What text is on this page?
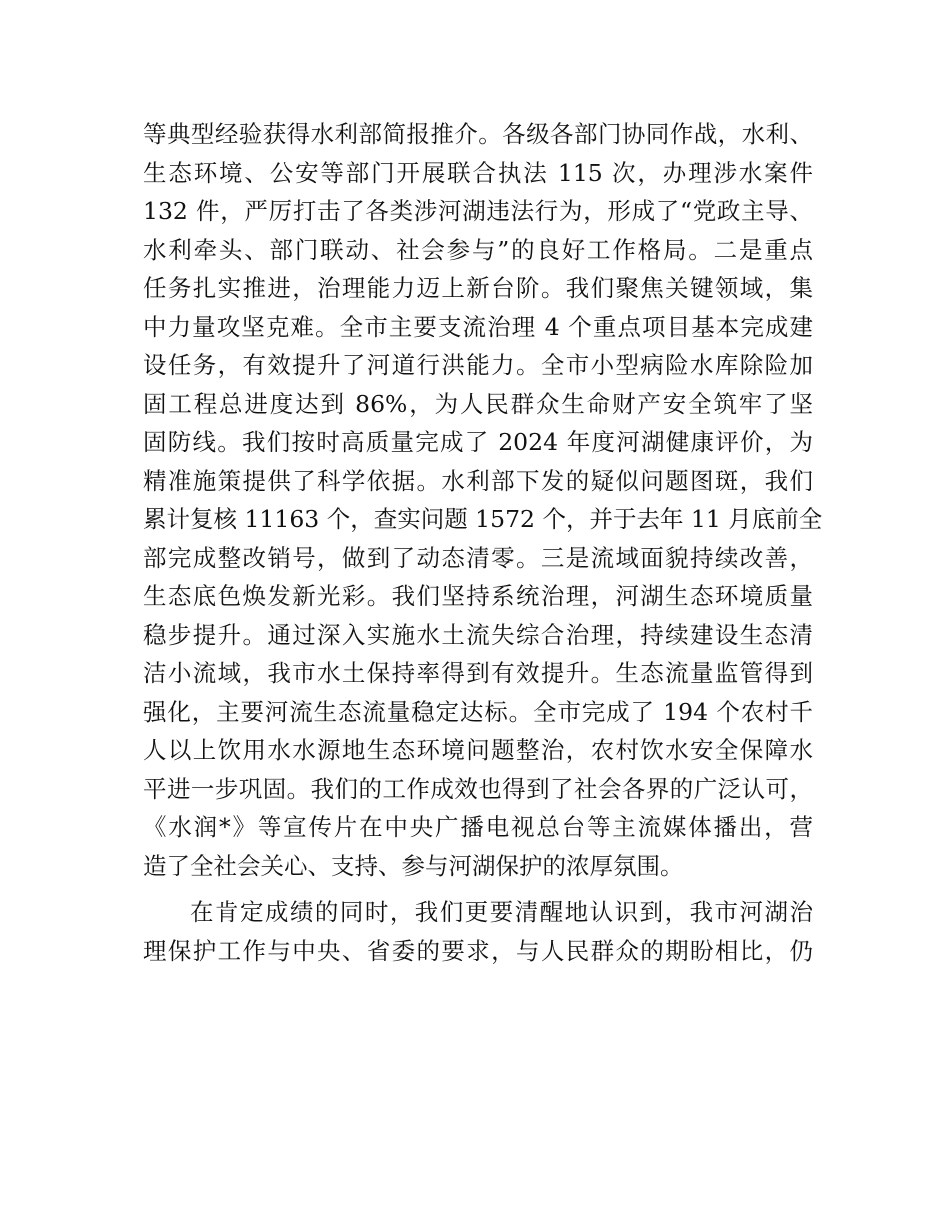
等典型经验获得水利部简报推介。各级各部门协同作战，水利、
生态环境、公安等部门开展联合执法 115 次，办理涉水案件
132 件，严厉打击了各类涉河湖违法行为，形成了“党政主导、
水利牵头、部门联动、社会参与”的良好工作格局。二是重点
任务扎实推进，治理能力迈上新台阶。我们聚焦关键领域，集
中力量攻坚克难。全市主要支流治理 4 个重点项目基本完成建
设任务，有效提升了河道行洪能力。全市小型病险水库除险加
固工程总进度达到 86%，为人民群众生命财产安全筑牢了坚
固防线。我们按时高质量完成了 2024 年度河湖健康评价，为
精准施策提供了科学依据。水利部下发的疑似问题图斑，我们
累计复核 11163 个，查实问题 1572 个，并于去年 11 月底前全
部完成整改销号，做到了动态清零。三是流域面貌持续改善，
生态底色焕发新光彩。我们坚持系统治理，河湖生态环境质量
稳步提升。通过深入实施水土流失综合治理，持续建设生态清
洁小流域，我市水土保持率得到有效提升。生态流量监管得到
强化，主要河流生态流量稳定达标。全市完成了 194 个农村千
人以上饮用水水源地生态环境问题整治，农村饮水安全保障水
平进一步巩固。我们的工作成效也得到了社会各界的广泛认可，
《水润*》等宣传片在中央广播电视总台等主流媒体播出，营
造了全社会关心、支持、参与河湖保护的浓厚氛围。
在肯定成绩的同时，我们更要清醒地认识到，我市河湖治
理保护工作与中央、省委的要求，与人民群众的期盼相比，仍
